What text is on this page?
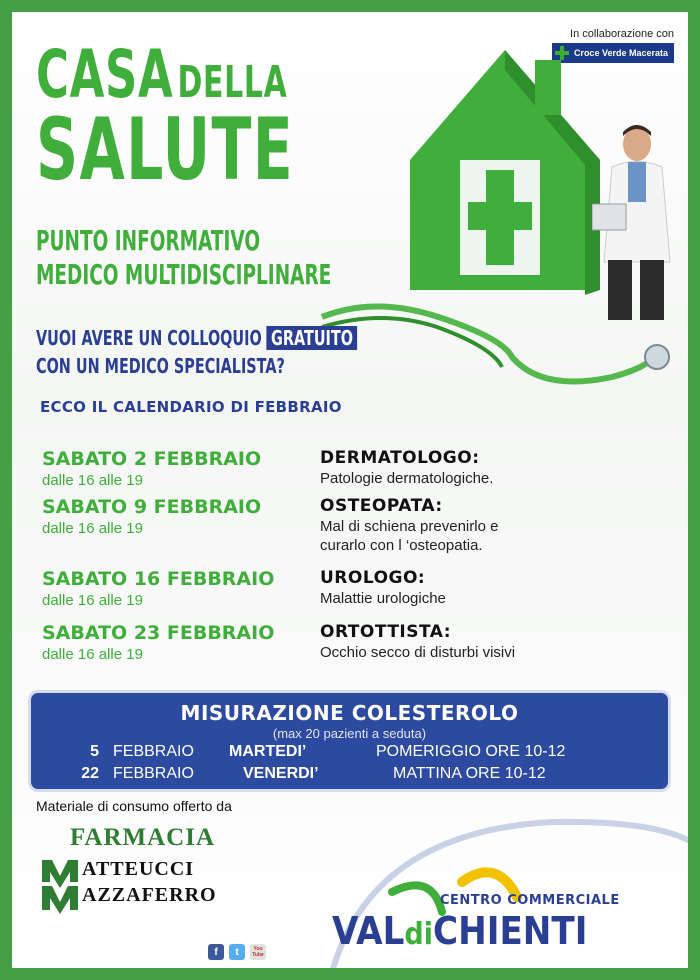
In collaborazione con
Croce Verde Macerata
CASADELLA
SALUTE
PUNTO INFORMATIVO
MEDICO MULTIDISCIPLINARE
VUOI AVERE UN COLLOQUIO GRATUITO
CON UN MEDICO SPECIALISTA?
ECCO IL CALENDARIO DI FEBBRAIO
SABATO 2 FEBBRAIO
dalle 16 alle 19
DERMATOLOGO:
Patologie dermatologiche.
SABATO 9 FEBBRAIO
dalle 16 alle 19
OSTEOPATA:
Mal di schiena prevenirlo e curarlo con l ‘osteopatia.
SABATO 16 FEBBRAIO
dalle 16 alle 19
UROLOGO:
Malattie urologiche
SABATO 23 FEBBRAIO
dalle 16 alle 19
ORTOTTISTA:
Occhio secco di disturbi visivi
MISURAZIONE COLESTEROLO
(max 20 pazienti a seduta)
5 FEBBRAIO MARTEDI’	POMERIGGIO ORE 10-12
22 FEBBRAIO	VENERDI’	MATTINA ORE 10-12
Materiale di consumo offerto da
FARMACIA
ATTEUCCI
AZZAFERRO
f	t	You Tube
CENTRO COMMERCIALE
VALdiCHIENTI
